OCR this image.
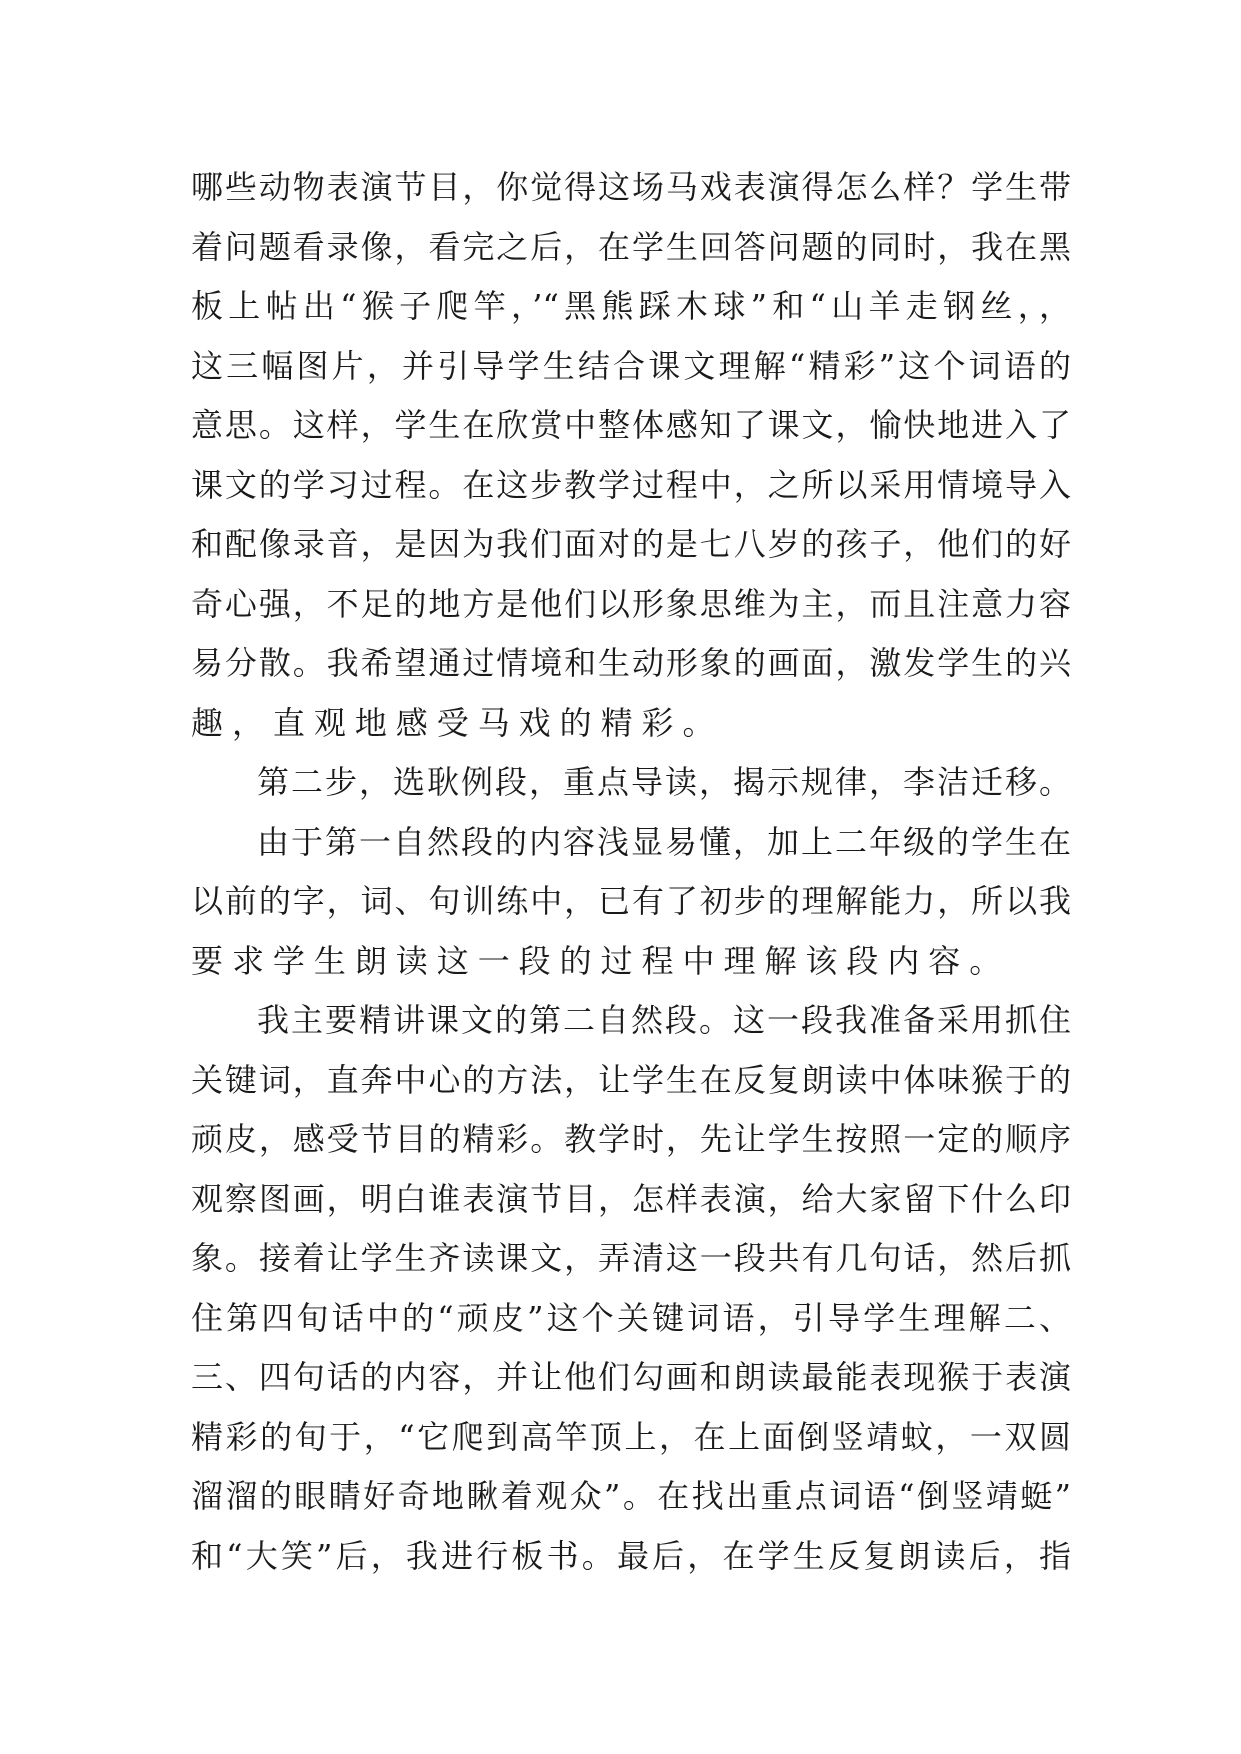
哪些动物表演节目，你觉得这场马戏表演得怎么样？学生带
着问题看录像，看完之后，在学生回答问题的同时，我在黑
板上帖出“猴子爬竿，’“黑熊踩木球”和“山羊走钢丝，，
这三幅图片，并引导学生结合课文理解“精彩”这个词语的
意思。这样，学生在欣赏中整体感知了课文，愉快地进入了
课文的学习过程。在这步教学过程中，之所以采用情境导入
和配像录音，是因为我们面对的是七八岁的孩子，他们的好
奇心强，不足的地方是他们以形象思维为主，而且注意力容
易分散。我希望通过情境和生动形象的画面，激发学生的兴
趣，直观地感受马戏的精彩。
第二步，选耿例段，重点导读，揭示规律，李洁迁移。
由于第一自然段的内容浅显易懂，加上二年级的学生在
以前的字，词、句训练中，已有了初步的理解能力，所以我
要求学生朗读这一段的过程中理解该段内容。
我主要精讲课文的第二自然段。这一段我准备采用抓住
关键词，直奔中心的方法，让学生在反复朗读中体味猴于的
顽皮，感受节目的精彩。教学时，先让学生按照一定的顺序
观察图画，明白谁表演节目，怎样表演，给大家留下什么印
象。接着让学生齐读课文，弄清这一段共有几句话，然后抓
住第四旬话中的“顽皮”这个关键词语，引导学生理解二、
三、四句话的内容，并让他们勾画和朗读最能表现猴于表演
精彩的旬于，“它爬到高竿顶上，在上面倒竖靖蚊，一双圆
溜溜的眼睛好奇地瞅着观众”。在找出重点词语“倒竖靖蜓”
和“大笑”后，我进行板书。最后，在学生反复朗读后，指
